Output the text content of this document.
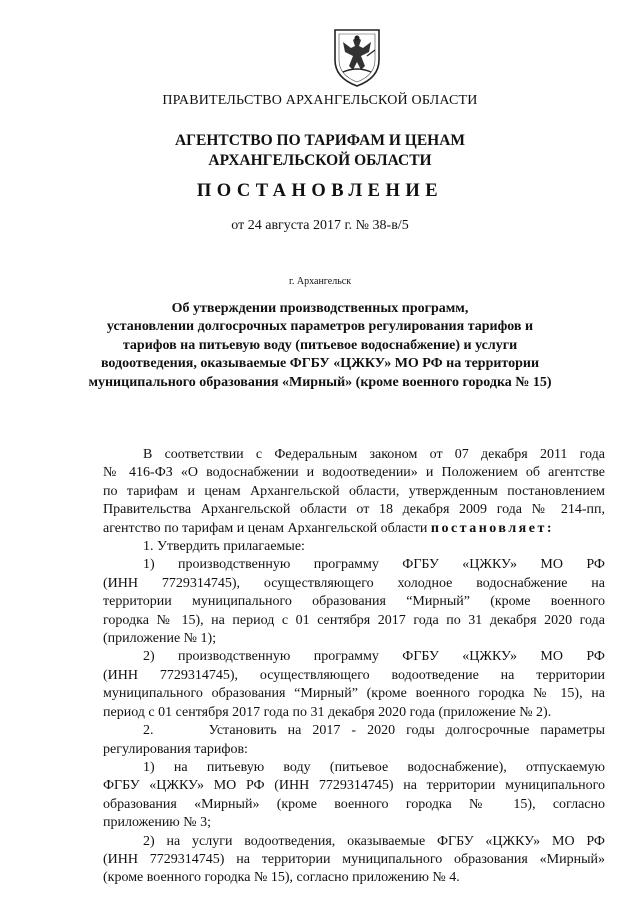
ПРАВИТЕЛЬСТВО АРХАНГЕЛЬСКОЙ ОБЛАСТИ
АГЕНТСТВО ПО ТАРИФАМ И ЦЕНАМ
АРХАНГЕЛЬСКОЙ ОБЛАСТИ
ПОСТАНОВЛЕНИЕ
от 24 августа 2017 г. № 38-в/5
г. Архангельск
Об утверждении производственных программ,
установлении долгосрочных параметров регулирования тарифов и
тарифов на питьевую воду (питьевое водоснабжение) и услуги
водоотведения, оказываемые ФГБУ «ЦЖКУ» МО РФ на территории
муниципального образования «Мирный» (кроме военного городка № 15)

В соответствии с Федеральным законом от 07 декабря 2011 года
№ 416-ФЗ «О водоснабжении и водоотведении» и Положением об агентстве
по тарифам и ценам Архангельской области, утвержденным постановлением
Правительства Архангельской области от 18 декабря 2009 года № 214-пп,
агентство по тарифам и ценам Архангельской области постановляет:

1. Утвердить прилагаемые:

1)    производственную    программу    ФГБУ    «ЦЖКУ»    МО    РФ
(ИНН 7729314745), осуществляющего холодное водоснабжение на
территории муниципального образования “Мирный” (кроме военного
городка № 15), на период с 01 сентября 2017 года по 31 декабря 2020 года
(приложение № 1);

2)    производственную    программу    ФГБУ    «ЦЖКУ»    МО    РФ
(ИНН 7729314745), осуществляющего водоотведение на территории
муниципального образования “Мирный” (кроме военного городка № 15), на
период с 01 сентября 2017 года по 31 декабря 2020 года (приложение № 2).

2.     Установить на 2017 - 2020 годы долгосрочные параметры
регулирования тарифов:

1) на питьевую воду (питьевое водоснабжение), отпускаемую
ФГБУ «ЦЖКУ» МО РФ (ИНН 7729314745) на территории муниципального
образования «Мирный» (кроме военного городка № 15), согласно
приложению № 3;

2) на услуги водоотведения, оказываемые ФГБУ «ЦЖКУ» МО РФ
(ИНН 7729314745) на территории муниципального образования «Мирный»
(кроме военного городка № 15), согласно приложению № 4.
